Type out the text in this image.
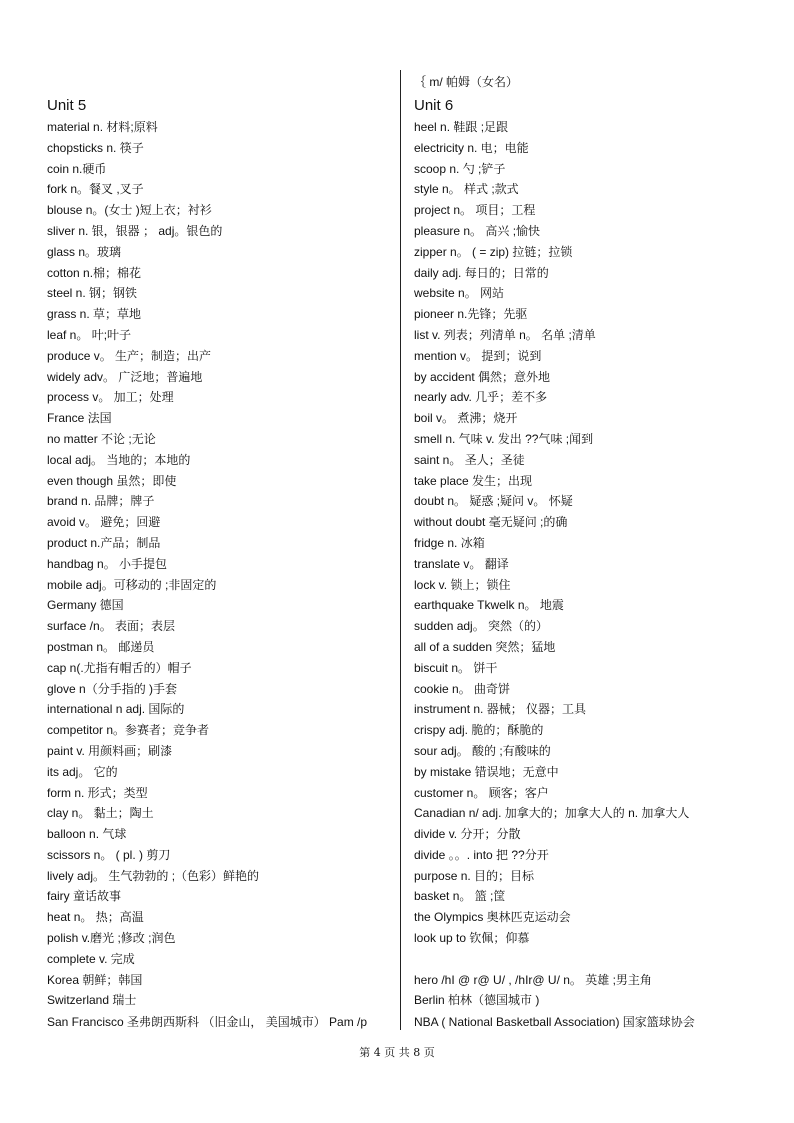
｛ m/ 帕姆（女名）
Unit 5
material n. 材料;原料
chopsticks n. 筷子
coin n.硬币
fork n。餐叉 ,叉子
blouse n。(女士 )短上衣；衬衫
sliver n. 银，银器 ； adj。银色的
glass n。玻璃
cotton n.棉；棉花
steel n. 钢；钢铁
grass n. 草；草地
leaf n。 叶;叶子
produce v。 生产；制造；出产
widely adv。 广泛地；普遍地
process v。 加工；处理
France 法国
no matter 不论 ;无论
local adj。 当地的；本地的
even though 虽然；即使
brand n. 品牌；牌子
avoid v。 避免；回避
product n.产品；制品
handbag n。 小手提包
mobile adj。可移动的 ;非固定的
Germany 德国
surface /n。 表面；表层
postman n。 邮递员
cap n(.尤指有帽舌的）帽子
glove n（分手指的 )手套
international n adj. 国际的
competitor n。参赛者；竞争者
paint v. 用颜料画；刷漆
its adj。 它的
form n. 形式；类型
clay n。 黏土；陶土
balloon n. 气球
scissors n。 ( pl. ) 剪刀
lively adj。 生气勃勃的 ;（色彩）鲜艳的
fairy 童话故事
heat n。 热；高温
polish v.磨光 ;修改 ;润色
complete v. 完成
Korea 朝鲜；韩国
Switzerland 瑞士
Unit 6
heel n. 鞋跟 ;足跟
electricity n. 电；电能
scoop n. 勺 ;铲子
style n。 样式 ;款式
project n。 项目；工程
pleasure n。 高兴 ;愉快
zipper n。 ( = zip) 拉链；拉锁
daily adj. 每日的；日常的
website n。 网站
pioneer n.先锋；先驱
list v. 列表；列清单 n。 名单 ;清单
mention v。 提到；说到
by accident 偶然；意外地
nearly adv. 几乎；差不多
boil v。 煮沸；烧开
smell n. 气味 v. 发出 ??气味 ;闻到
saint n。 圣人；圣徒
take place 发生；出现
doubt n。 疑惑 ;疑问 v。 怀疑
without doubt 毫无疑问 ;的确
fridge n. 冰箱
translate v。 翻译
lock v. 锁上；锁住
earthquake Tkwelk n。 地震
sudden adj。 突然（的）
all of a sudden 突然；猛地
biscuit n。 饼干
cookie n。 曲奇饼
instrument n. 器械； 仪器；工具
crispy adj. 脆的；酥脆的
sour adj。 酸的 ;有酸味的
by mistake 错误地；无意中
customer n。 顾客；客户
Canadian n/ adj. 加拿大的；加拿大人的 n. 加拿大人
divide v. 分开；分散
divide 。。. into 把 ??分开
purpose n. 目的；目标
basket n。 篮 ;筐
the Olympics 奥林匹克运动会
look up to 钦佩；仰慕
hero /hI @ r@ U/ , /hIr@ U/ n。 英雄 ;男主角
Berlin 柏林（德国城市 )
San Francisco 圣弗朗西斯科 （旧金山， 美国城市） Pam /p	NBA ( National Basketball Association) 国家篮球协会
第 4 页 共 8 页
